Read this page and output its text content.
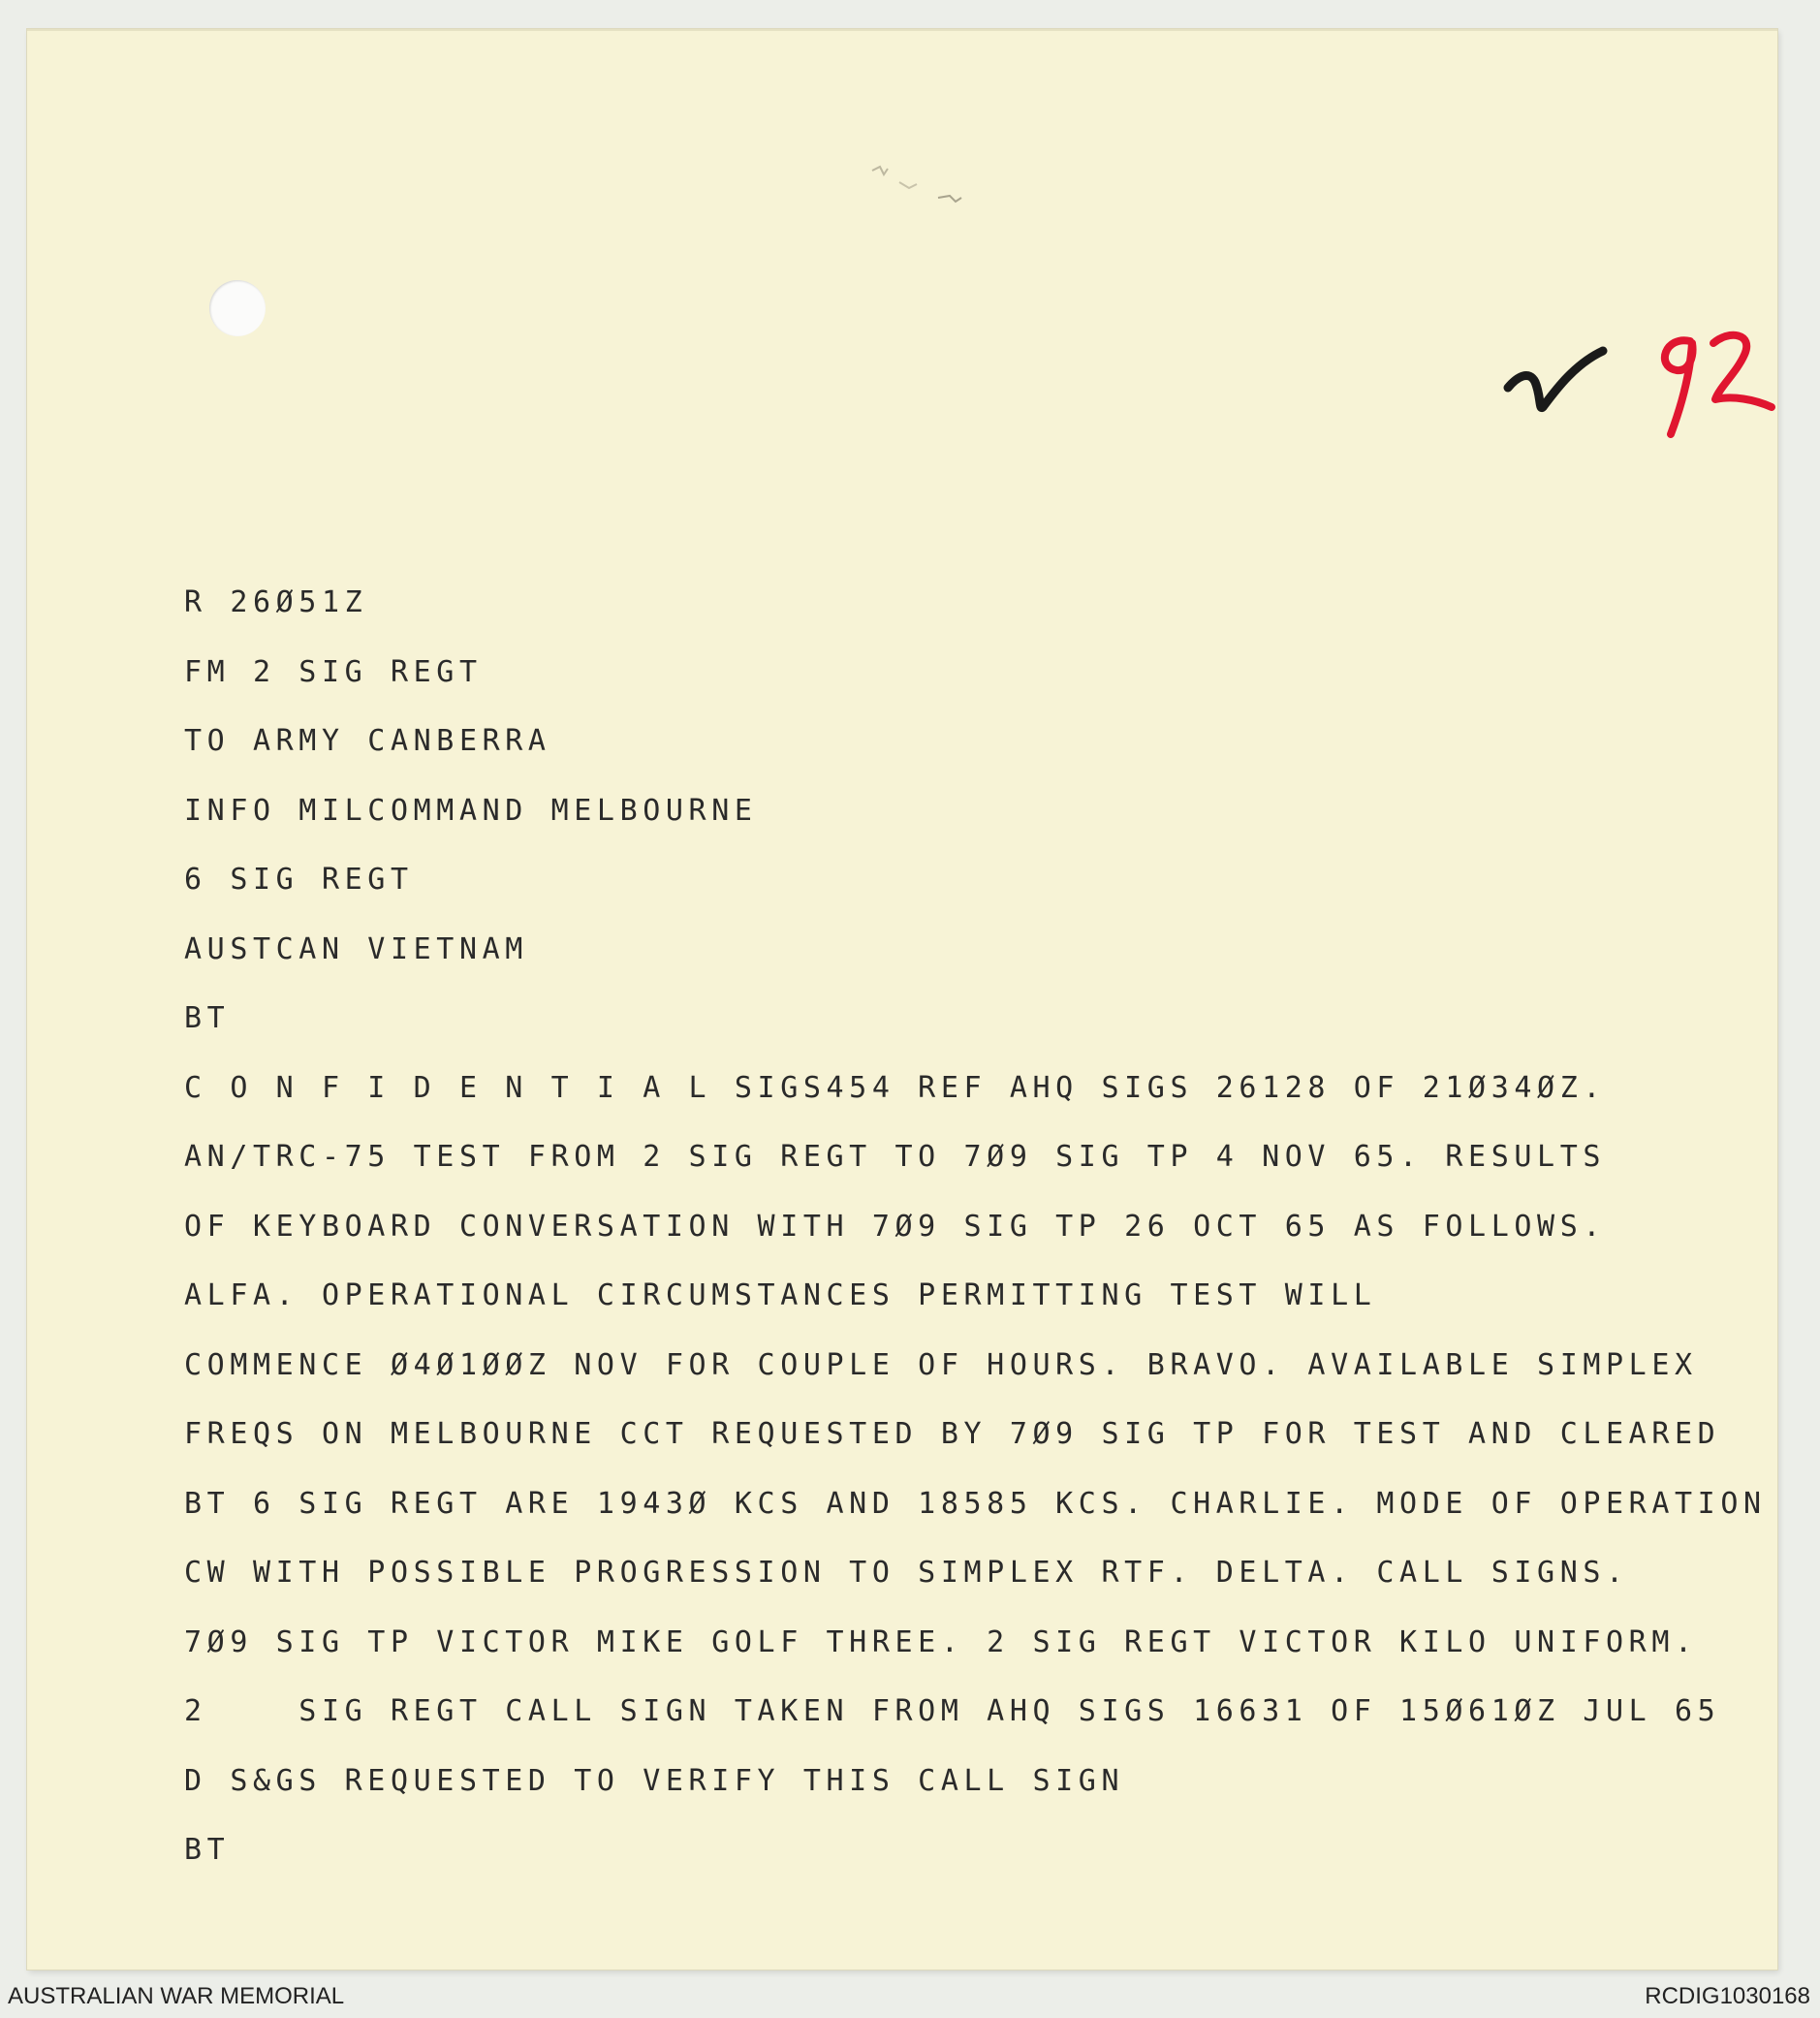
R 26Ø51Z
FM 2 SIG REGT
TO ARMY CANBERRA
INFO MILCOMMAND MELBOURNE
6 SIG REGT
AUSTCAN VIETNAM
BT
C O N F I D E N T I A L SIGS454 REF AHQ SIGS 26128 OF 21Ø34ØZ.
AN/TRC-75 TEST FROM 2 SIG REGT TO 7Ø9 SIG TP 4 NOV 65. RESULTS
OF KEYBOARD CONVERSATION WITH 7Ø9 SIG TP 26 OCT 65 AS FOLLOWS.
ALFA. OPERATIONAL CIRCUMSTANCES PERMITTING TEST WILL
COMMENCE Ø4Ø1ØØZ NOV FOR COUPLE OF HOURS. BRAVO. AVAILABLE SIMPLEX
FREQS ON MELBOURNE CCT REQUESTED BY 7Ø9 SIG TP FOR TEST AND CLEARED
BT 6 SIG REGT ARE 1943Ø KCS AND 18585 KCS. CHARLIE. MODE OF OPERATION
CW WITH POSSIBLE PROGRESSION TO SIMPLEX RTF. DELTA. CALL SIGNS.
7Ø9 SIG TP VICTOR MIKE GOLF THREE. 2 SIG REGT VICTOR KILO UNIFORM.
2    SIG REGT CALL SIGN TAKEN FROM AHQ SIGS 16631 OF 15Ø61ØZ JUL 65
D S&GS REQUESTED TO VERIFY THIS CALL SIGN
BT
AUSTRALIAN WAR MEMORIAL	RCDIG1030168
